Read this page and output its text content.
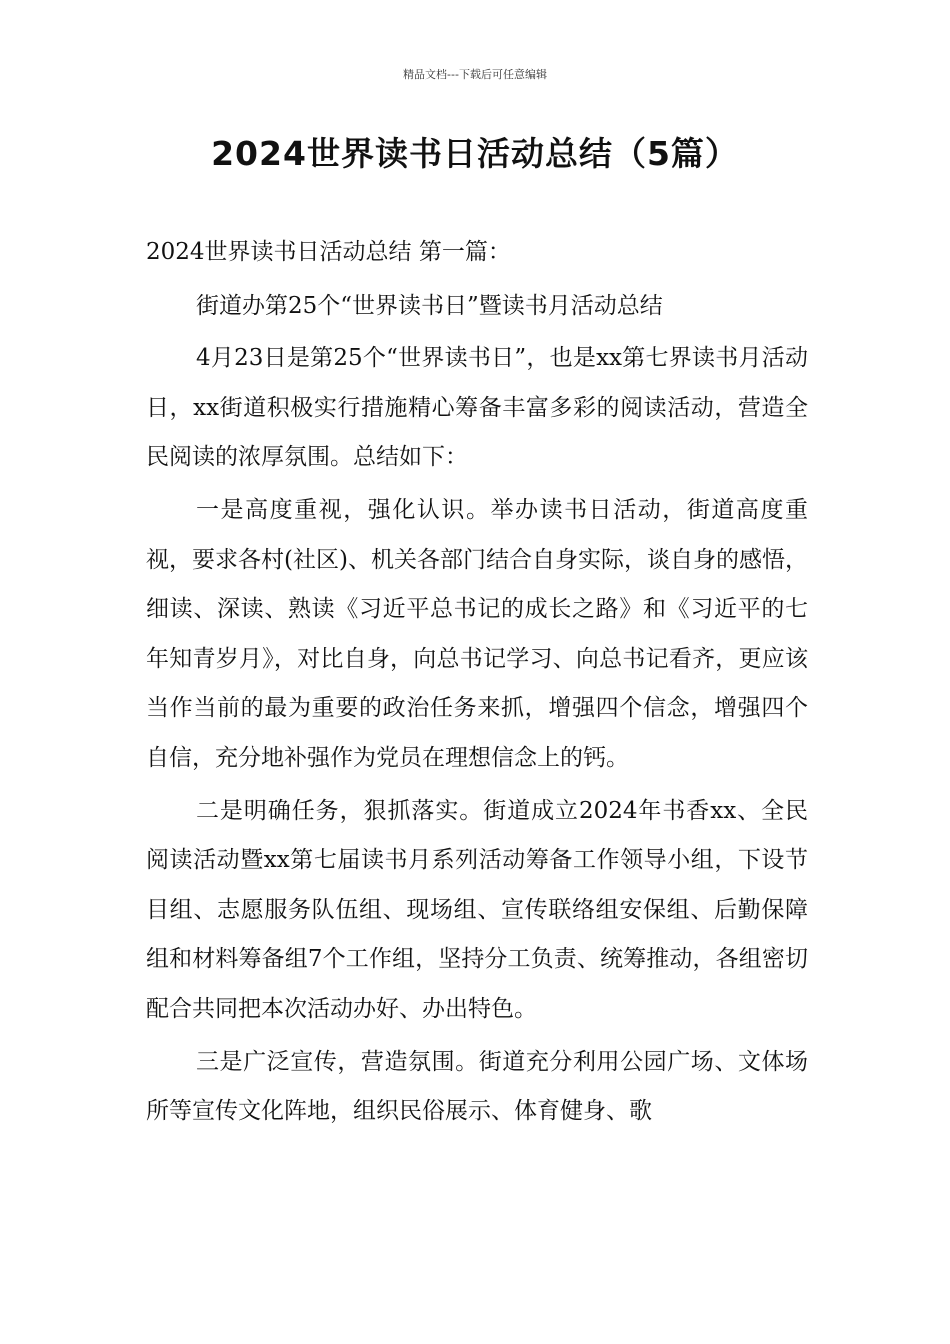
精品文档---下载后可任意编辑
2024世界读书日活动总结（5篇）

2024世界读书日活动总结 第一篇：

街道办第25个“世界读书日”暨读书月活动总结

4月23日是第25个“世界读书日”，也是xx第七界读书月活动日，xx街道积极实行措施精心筹备丰富多彩的阅读活动，营造全民阅读的浓厚氛围。总结如下：

一是高度重视，强化认识。举办读书日活动，街道高度重视，要求各村(社区)、机关各部门结合自身实际，谈自身的感悟，细读、深读、熟读《习近平总书记的成长之路》和《习近平的七年知青岁月》，对比自身，向总书记学习、向总书记看齐，更应该当作当前的最为重要的政治任务来抓，增强四个信念，增强四个自信，充分地补强作为党员在理想信念上的钙。

二是明确任务，狠抓落实。街道成立2024年书香xx、全民阅读活动暨xx第七届读书月系列活动筹备工作领导小组，下设节目组、志愿服务队伍组、现场组、宣传联络组安保组、后勤保障组和材料筹备组7个工作组，坚持分工负责、统筹推动，各组密切配合共同把本次活动办好、办出特色。

三是广泛宣传，营造氛围。街道充分利用公园广场、文体场所等宣传文化阵地，组织民俗展示、体育健身、歌
